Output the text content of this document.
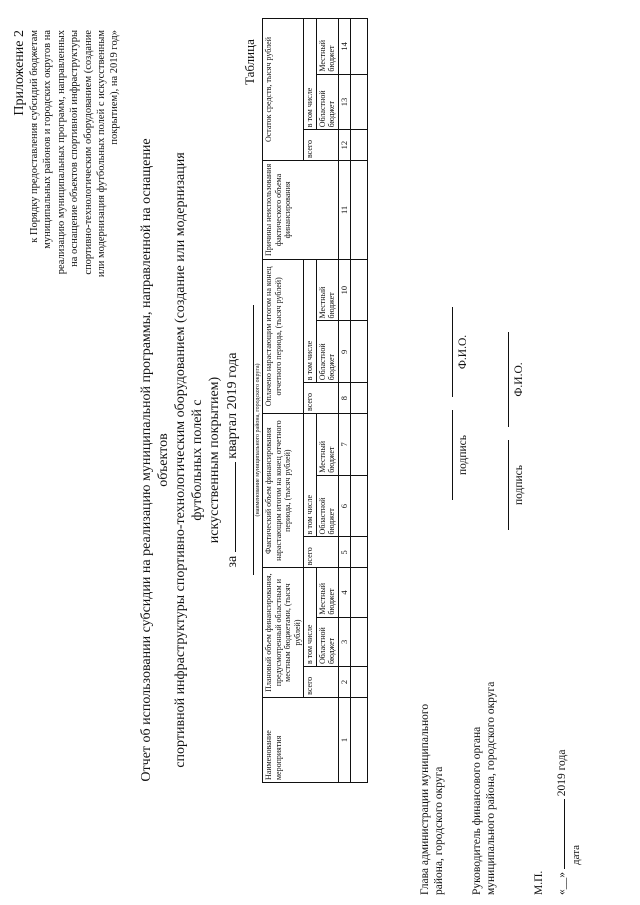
Приложение 2 к Порядку предоставления субсидий бюджетам муниципальных районов и городских округов на реализацию муниципальных программ, направленных на оснащение объектов спортивной инфраструктуры спортивно-технологическим оборудованием (создание или модернизация футбольных полей с искусственным покрытием), на 2019 год»
Отчет об использовании субсидии на реализацию муниципальной программы, направленной на оснащение объектов спортивной инфраструктуры спортивно-технологическим оборудованием (создание или модернизация футбольных полей с искусственным покрытием)
за  квартал 2019 года	(наименование муниципального района, городского округа)
Таблица
Наименование мероприятия	Плановый объем финансирования, предусмотренный областным и местным бюджетами, (тысяч рублей)			Фактический объем финансирования нарастающим итогом на конец отчетного периода, (тысяч рублей)			Оплачено нарастающим итогом на конец отчетного периода, (тысяч рублей)			Причины неиспользования фактического объема финансирования	Остаток средств, тысяч рублей		
	всего	в том числе		всего	в том числе		всего	в том числе			всего	в том числе	
		Областной бюджет	Местный бюджет		Областной бюджет	Местный бюджет		Областной бюджет	Местный бюджет			Областной бюджет	Местный бюджет
1	2	3	4	5	6	7	8	9	10	11	12	13	14

Глава администрации муниципального района, городского округа
подпись
Ф.И.О.
Руководитель финансового органа муниципального района, городского округа
подпись
Ф.И.О.
М.П. «__»  2019 года
дата
